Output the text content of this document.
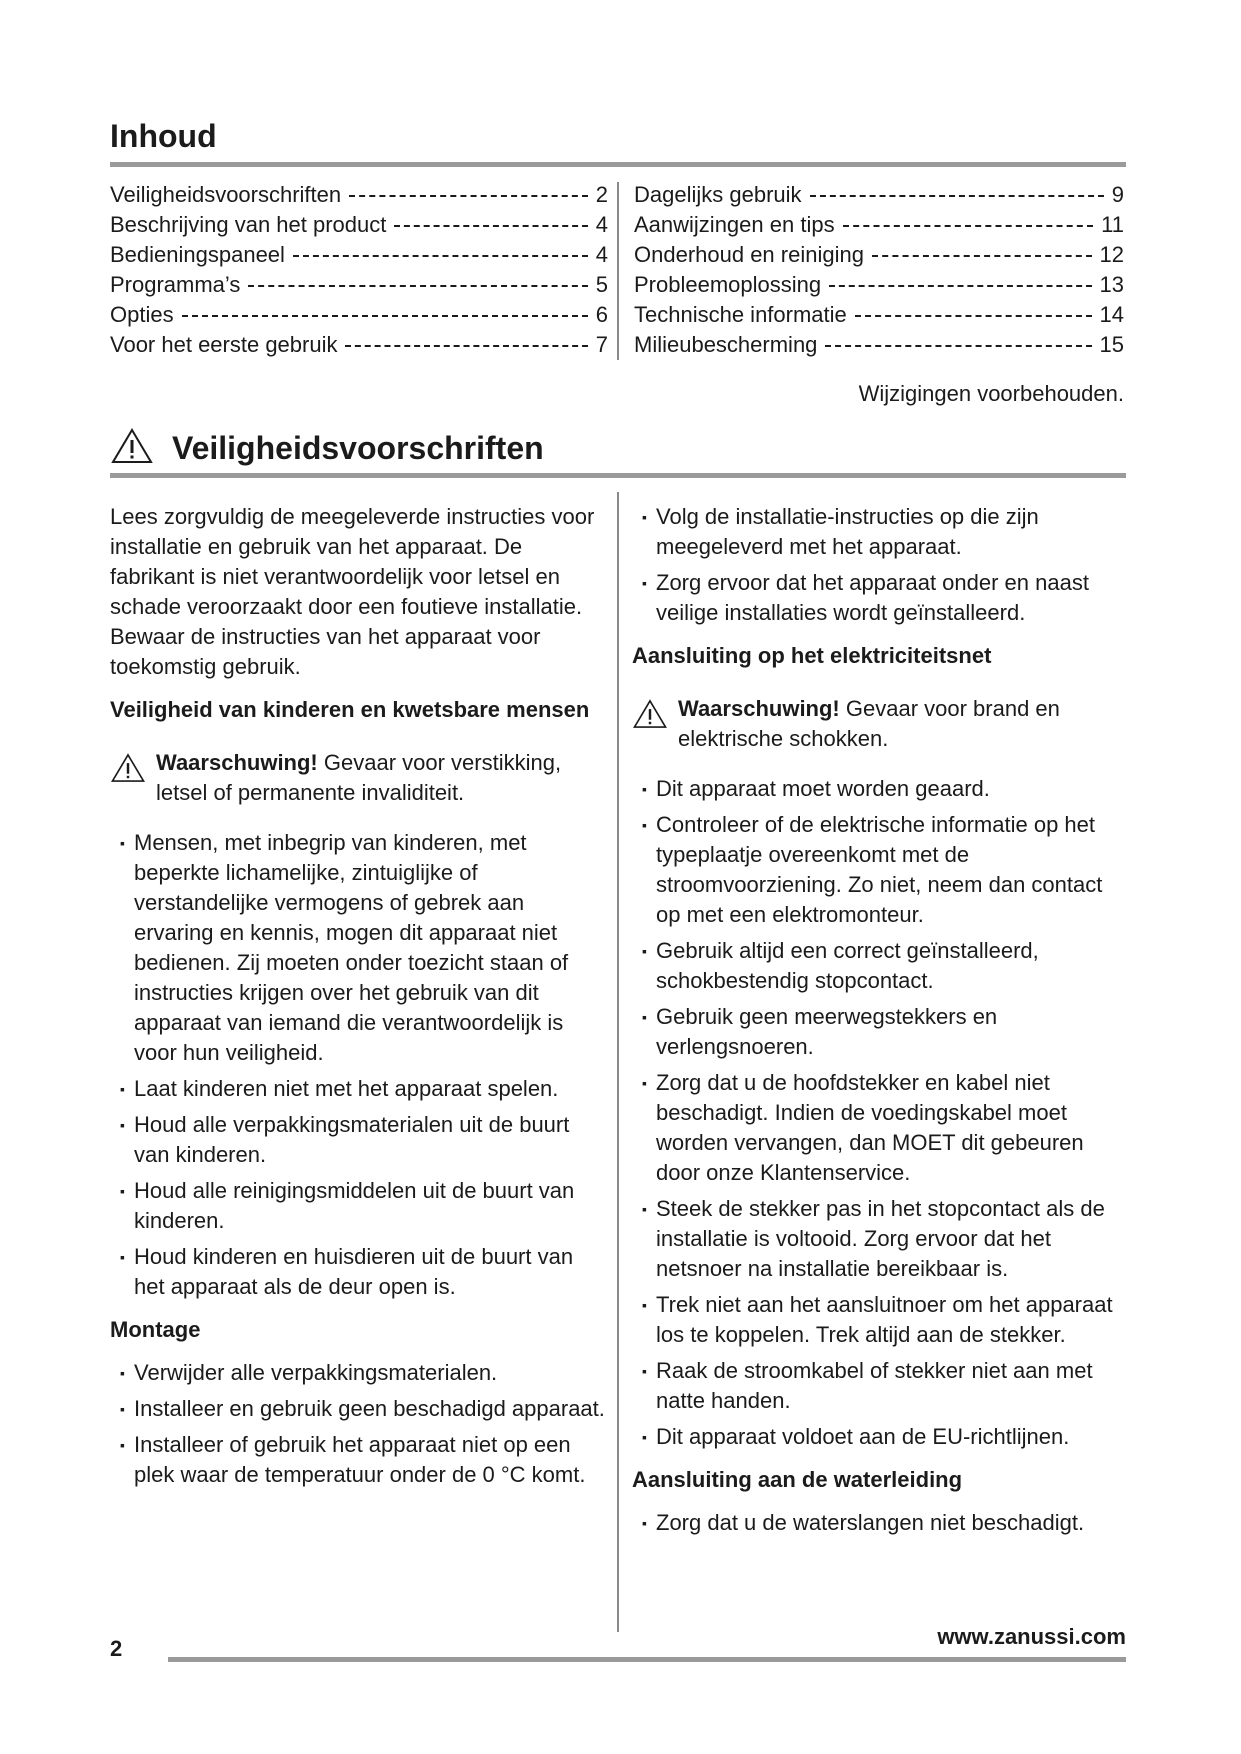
Inhoud
Veiligheidsvoorschriften	2
Beschrijving van het product	4
Bedieningspaneel	4
Programma’s	5
Opties	6
Voor het eerste gebruik	7
Dagelijks gebruik	9
Aanwijzingen en tips	11
Onderhoud en reiniging	12
Probleemoplossing	13
Technische informatie	14
Milieubescherming	15
Wijzigingen voorbehouden.
Veiligheidsvoorschriften

Lees zorgvuldig de meegeleverde instructies voor installatie en gebruik van het apparaat. De fabrikant is niet verantwoordelijk voor letsel en schade veroorzaakt door een foutieve installatie. Bewaar de instructies van het apparaat voor toekomstig gebruik.

Veiligheid van kinderen en kwetsbare mensen
Waarschuwing! Gevaar voor verstikking, letsel of permanente invaliditeit.
▪ Mensen, met inbegrip van kinderen, met beperkte lichamelijke, zintuiglijke of verstandelijke vermogens of gebrek aan ervaring en kennis, mogen dit apparaat niet bedienen. Zij moeten onder toezicht staan of instructies krijgen over het gebruik van dit apparaat van iemand die verantwoordelijk is voor hun veiligheid.
▪ Laat kinderen niet met het apparaat spelen.
▪ Houd alle verpakkingsmaterialen uit de buurt van kinderen.
▪ Houd alle reinigingsmiddelen uit de buurt van kinderen.
▪ Houd kinderen en huisdieren uit de buurt van het apparaat als de deur open is.
Montage
▪ Verwijder alle verpakkingsmaterialen.
▪ Installeer en gebruik geen beschadigd apparaat.
▪ Installeer of gebruik het apparaat niet op een plek waar de temperatuur onder de 0 °C komt.
▪ Volg de installatie-instructies op die zijn meegeleverd met het apparaat.
▪ Zorg ervoor dat het apparaat onder en naast veilige installaties wordt geïnstalleerd.
Aansluiting op het elektriciteitsnet
Waarschuwing! Gevaar voor brand en elektrische schokken.
▪ Dit apparaat moet worden geaard.
▪ Controleer of de elektrische informatie op het typeplaatje overeenkomt met de stroomvoorziening. Zo niet, neem dan contact op met een elektromonteur.
▪ Gebruik altijd een correct geïnstalleerd, schokbestendig stopcontact.
▪ Gebruik geen meerwegstekkers en verlengsnoeren.
▪ Zorg dat u de hoofdstekker en kabel niet beschadigt. Indien de voedingskabel moet worden vervangen, dan MOET dit gebeuren door onze Klantenservice.
▪ Steek de stekker pas in het stopcontact als de installatie is voltooid. Zorg ervoor dat het netsnoer na installatie bereikbaar is.
▪ Trek niet aan het aansluitnoer om het apparaat los te koppelen. Trek altijd aan de stekker.
▪ Raak de stroomkabel of stekker niet aan met natte handen.
▪ Dit apparaat voldoet aan de EU-richtlijnen.
Aansluiting aan de waterleiding
▪ Zorg dat u de waterslangen niet beschadigt.
2	www.zanussi.com
